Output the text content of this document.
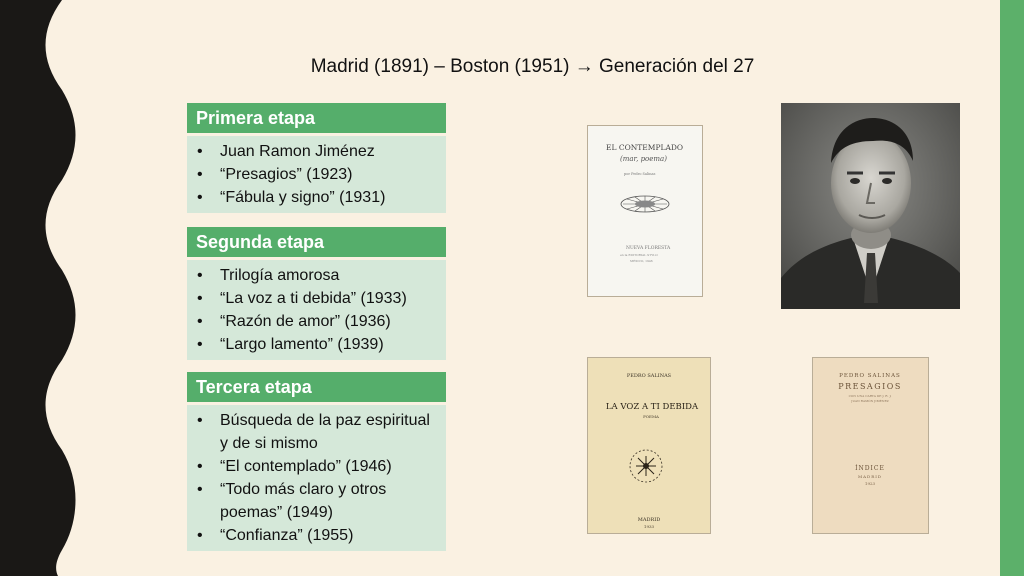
Madrid (1891) – Boston (1951) → Generación del 27
Primera etapa
• Juan Ramon Jiménez
• “Presagios” (1923)
• “Fábula y signo” (1931)
Segunda etapa
• Trilogía amorosa
• “La voz a ti debida” (1933)
• “Razón de amor” (1936)
• “Largo lamento” (1939)
Tercera etapa
• Búsqueda de la paz espiritual y de si mismo
• “El contemplado” (1946)
• “Todo más claro y otros poemas” (1949)
• “Confianza” (1955)
EL CONTEMPLADO
(mar, poema)
por Pedro Salinas
NUEVA FLORESTA
en la EDITORIAL STYLO
MÉXICO, 1946
PEDRO SALINAS
LA VOZ A TI DEBIDA
POEMA
MADRID
1933
PEDRO SALINAS
PRESAGIOS
CON UNA CARTA DE J. R. J.
JUAN RAMÓN JIMÉNEZ
ÍNDICE
MADRID
1923
